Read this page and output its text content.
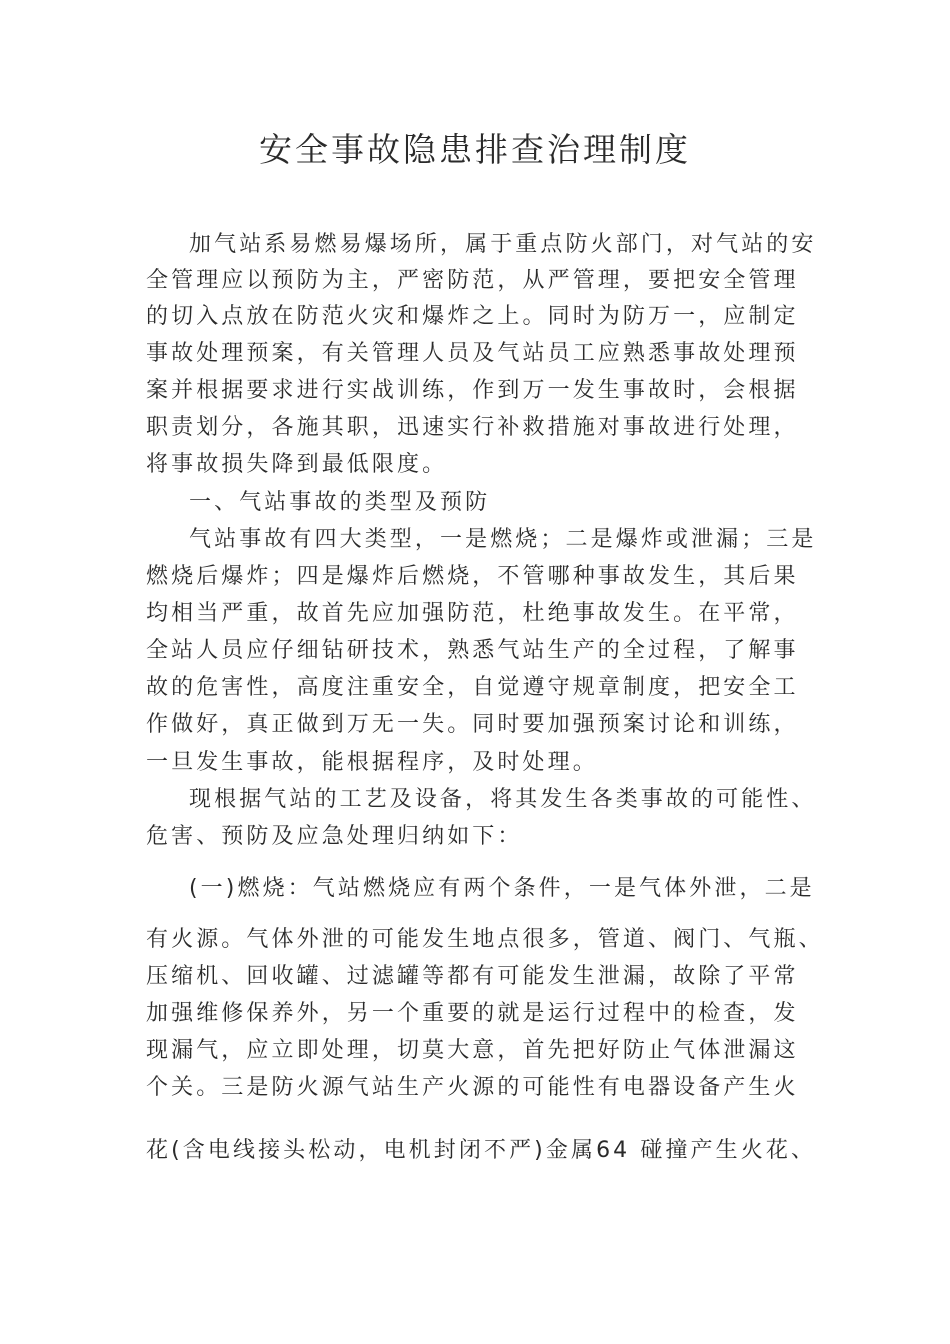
安全事故隐患排查治理制度
加气站系易燃易爆场所，属于重点防火部门，对气站的安
全管理应以预防为主，严密防范，从严管理，要把安全管理
的切入点放在防范火灾和爆炸之上。同时为防万一，应制定
事故处理预案，有关管理人员及气站员工应熟悉事故处理预
案并根据要求进行实战训练，作到万一发生事故时，会根据
职责划分，各施其职，迅速实行补救措施对事故进行处理，
将事故损失降到最低限度。
一、气站事故的类型及预防
气站事故有四大类型，一是燃烧；二是爆炸或泄漏；三是
燃烧后爆炸；四是爆炸后燃烧，不管哪种事故发生，其后果
均相当严重，故首先应加强防范，杜绝事故发生。在平常，
全站人员应仔细钻研技术，熟悉气站生产的全过程，了解事
故的危害性，高度注重安全，自觉遵守规章制度，把安全工
作做好，真正做到万无一失。同时要加强预案讨论和训练，
一旦发生事故，能根据程序，及时处理。
现根据气站的工艺及设备，将其发生各类事故的可能性、
危害、预防及应急处理归纳如下：
(一)燃烧：气站燃烧应有两个条件，一是气体外泄，二是
有火源。气体外泄的可能发生地点很多，管道、阀门、气瓶、
压缩机、回收罐、过滤罐等都有可能发生泄漏，故除了平常
加强维修保养外，另一个重要的就是运行过程中的检查，发
现漏气，应立即处理，切莫大意，首先把好防止气体泄漏这
个关。三是防火源气站生产火源的可能性有电器设备产生火
花(含电线接头松动，电机封闭不严)金属64 碰撞产生火花、
